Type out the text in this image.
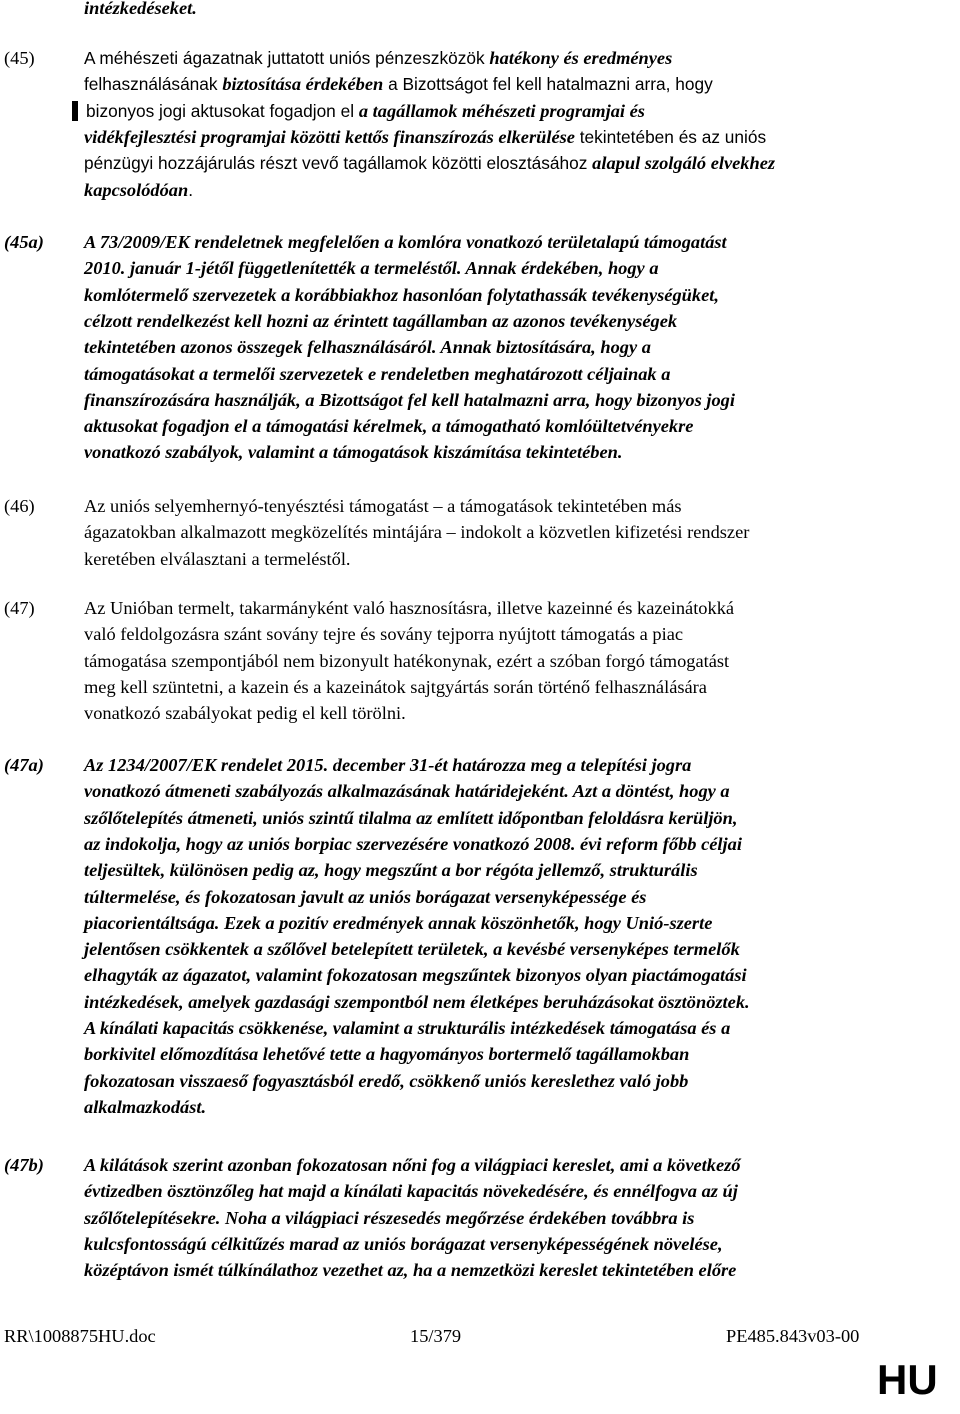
intézkedéseket.
(45)	A méhészeti ágazatnak juttatott uniós pénzeszközök hatékony és eredményes
felhasználásának biztosítása érdekében a Bizottságot fel kell hatalmazni arra, hogy
bizonyos jogi aktusokat fogadjon el a tagállamok méhészeti programjai és
vidékfejlesztési programjai közötti kettős finanszírozás elkerülése tekintetében és az uniós
pénzügyi hozzájárulás részt vevő tagállamok közötti elosztásához alapul szolgáló elvekhez
kapcsolódóan.
(45a) A 73/2009/EK rendeletnek megfelelően a komlóra vonatkozó területalapú támogatást
2010. január 1-jétől függetlenítették a termeléstől. Annak érdekében, hogy a
komlótermelő szervezetek a korábbiakhoz hasonlóan folytathassák tevékenységüket,
célzott rendelkezést kell hozni az érintett tagállamban az azonos tevékenységek
tekintetében azonos összegek felhasználásáról. Annak biztosítására, hogy a
támogatásokat a termelői szervezetek e rendeletben meghatározott céljainak a
finanszírozására használják, a Bizottságot fel kell hatalmazni arra, hogy bizonyos jogi
aktusokat fogadjon el a támogatási kérelmek, a támogatható komlóültetvényekre
vonatkozó szabályok, valamint a támogatások kiszámítása tekintetében.
(46)	Az uniós selyemhernyó-tenyésztési támogatást – a támogatások tekintetében más
ágazatokban alkalmazott megközelítés mintájára – indokolt a közvetlen kifizetési rendszer
keretében elválasztani a termeléstől.
(47)	Az Unióban termelt, takarmányként való hasznosításra, illetve kazeinné és kazeinátokká
való feldolgozásra szánt sovány tejre és sovány tejporra nyújtott támogatás a piac
támogatása szempontjából nem bizonyult hatékonynak, ezért a szóban forgó támogatást
meg kell szüntetni, a kazein és a kazeinátok sajtgyártás során történő felhasználására
vonatkozó szabályokat pedig el kell törölni.
(47a) Az 1234/2007/EK rendelet 2015. december 31-ét határozza meg a telepítési jogra
vonatkozó átmeneti szabályozás alkalmazásának határidejeként. Azt a döntést, hogy a
szőlőtelepítés átmeneti, uniós szintű tilalma az említett időpontban feloldásra kerüljön,
az indokolja, hogy az uniós borpiac szervezésére vonatkozó 2008. évi reform főbb céljai
teljesültek, különösen pedig az, hogy megszűnt a bor régóta jellemző, strukturális
túltermelése, és fokozatosan javult az uniós borágazat versenyképessége és
piacorientáltsága. Ezek a pozitív eredmények annak köszönhetők, hogy Unió-szerte
jelentősen csökkentek a szőlővel betelepített területek, a kevésbé versenyképes termelők
elhagyták az ágazatot, valamint fokozatosan megszűntek bizonyos olyan piactámogatási
intézkedések, amelyek gazdasági szempontból nem életképes beruházásokat ösztönöztek.
A kínálati kapacitás csökkenése, valamint a strukturális intézkedések támogatása és a
borkivitel előmozdítása lehetővé tette a hagyományos bortermelő tagállamokban
fokozatosan visszaeső fogyasztásból eredő, csökkenő uniós kereslethez való jobb
alkalmazkodást.
(47b) A kilátások szerint azonban fokozatosan nőni fog a világpiaci kereslet, ami a következő
évtizedben ösztönzőleg hat majd a kínálati kapacitás növekedésére, és ennélfogva az új
szőlőtelepítésekre. Noha a világpiaci részesedés megőrzése érdekében továbbra is
kulcsfontosságú célkitűzés marad az uniós borágazat versenyképességének növelése,
középtávon ismét túlkínálathoz vezethet az, ha a nemzetközi kereslet tekintetében előre
RR\1008875HU.doc	15/379	PE485.843v03-00
HU
